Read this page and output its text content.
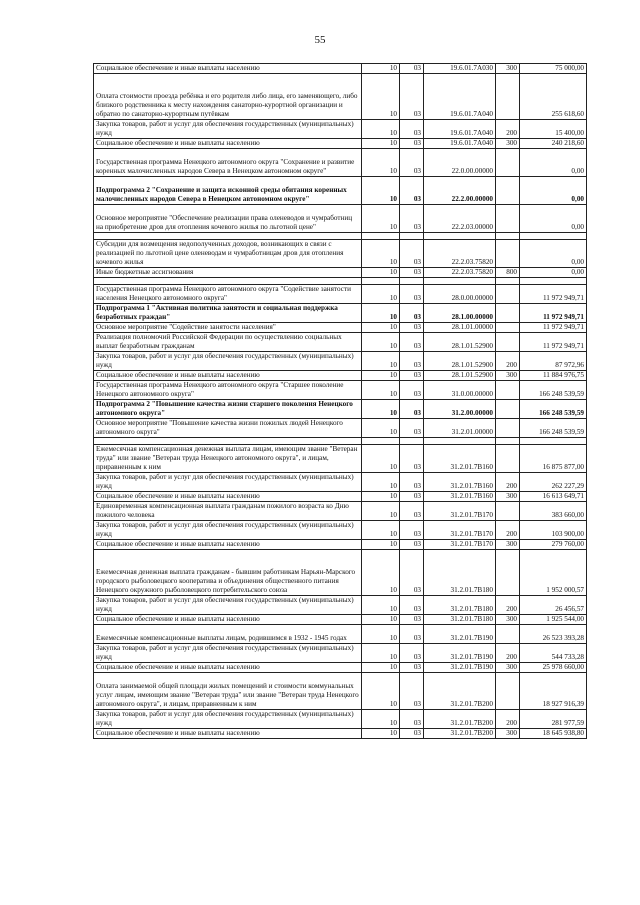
55
Социальное обеспечение и иные выплаты населению	10	03	19.6.01.7А030	300	75 000,00
Оплата стоимости проезда ребёнка и его родителя либо лица, его заменяющего, либо близкого родственника к месту нахождения санаторно-курортной организации и обратно по санаторно-курортным путёвкам	10	03	19.6.01.7А040		255 618,60
Закупка товаров, работ и услуг для обеспечения государственных (муниципальных) нужд	10	03	19.6.01.7А040	200	15 400,00
Социальное обеспечение и иные выплаты населению	10	03	19.6.01.7А040	300	240 218,60
Государственная программа Ненецкого автономного округа "Сохранение и развитие коренных малочисленных народов Севера в Ненецком автономном округе"	10	03	22.0.00.00000		0,00
Подпрограмма 2 "Сохранение и защита исконной среды обитания коренных малочисленных народов Севера в Ненецком автономном округе"	10	03	22.2.00.00000		0,00
Основное мероприятие "Обеспечение реализации права оленеводов и чумработниц на приобретение дров для отопления кочевого жилья по льготной цене"	10	03	22.2.03.00000		0,00

Субсидии для возмещения недополученных доходов, возникающих в связи с реализацией по льготной цене оленеводам и чумработницам дров для отопления кочевого жилья	10	03	22.2.03.75820		0,00
Иные бюджетные ассигнования	10	03	22.2.03.75820	800	0,00

Государственная программа Ненецкого автономного округа "Содействие занятости населения Ненецкого автономного округа"	10	03	28.0.00.00000		11 972 949,71
Подпрограмма 1 "Активная политика занятости и социальная поддержка безработных граждан"	10	03	28.1.00.00000		11 972 949,71
Основное мероприятие "Содействие занятости населения"	10	03	28.1.01.00000		11 972 949,71
Реализация полномочий Российской Федерации по осуществлению социальных выплат безработным гражданам	10	03	28.1.01.52900		11 972 949,71
Закупка товаров, работ и услуг для обеспечения государственных (муниципальных) нужд	10	03	28.1.01.52900	200	87 972,96
Социальное обеспечение и иные выплаты населению	10	03	28.1.01.52900	300	11 884 976,75
Государственная программа Ненецкого автономного округа "Старшее поколение Ненецкого автономного округа"	10	03	31.0.00.00000		166 248 539,59
Подпрограмма 2 "Повышение качества жизни старшего поколения Ненецкого автономного округа"	10	03	31.2.00.00000		166 248 539,59
Основное мероприятие "Повышение качества жизни пожилых людей Ненецкого автономного округа"	10	03	31.2.01.00000		166 248 539,59

Ежемесячная компенсационная денежная выплата лицам, имеющим звание "Ветеран труда" или звание "Ветеран труда Ненецкого автономного округа", и лицам, приравненным к ним	10	03	31.2.01.7В160		16 875 877,00
Закупка товаров, работ и услуг для обеспечения государственных (муниципальных) нужд	10	03	31.2.01.7В160	200	262 227,29
Социальное обеспечение и иные выплаты населению	10	03	31.2.01.7В160	300	16 613 649,71
Единовременная компенсационная выплата гражданам пожилого возраста ко Дню пожилого человека	10	03	31.2.01.7В170		383 660,00
Закупка товаров, работ и услуг для обеспечения государственных (муниципальных) нужд	10	03	31.2.01.7В170	200	103 900,00
Социальное обеспечение и иные выплаты населению	10	03	31.2.01.7В170	300	279 760,00
Ежемесячная денежная выплата гражданам - бывшим работникам Нарьян-Марского городского рыболовецкого кооператива и объединения общественного питания Ненецкого окружного рыболовецкого потребительского союза	10	03	31.2.01.7В180		1 952 000,57
Закупка товаров, работ и услуг для обеспечения государственных (муниципальных) нужд	10	03	31.2.01.7В180	200	26 456,57
Социальное обеспечение и иные выплаты населению	10	03	31.2.01.7В180	300	1 925 544,00
Ежемесячные компенсационные выплаты лицам, родившимся в 1932 - 1945 годах	10	03	31.2.01.7В190		26 523 393,28
Закупка товаров, работ и услуг для обеспечения государственных (муниципальных) нужд	10	03	31.2.01.7В190	200	544 733,28
Социальное обеспечение и иные выплаты населению	10	03	31.2.01.7В190	300	25 978 660,00
Оплата занимаемой общей площади жилых помещений и стоимости коммунальных услуг лицам, имеющим звание "Ветеран труда" или звание "Ветеран труда Ненецкого автономного округа", и лицам, приравненным к ним	10	03	31.2.01.7В200		18 927 916,39
Закупка товаров, работ и услуг для обеспечения государственных (муниципальных) нужд	10	03	31.2.01.7В200	200	281 977,59
Социальное обеспечение и иные выплаты населению	10	03	31.2.01.7В200	300	18 645 938,80
